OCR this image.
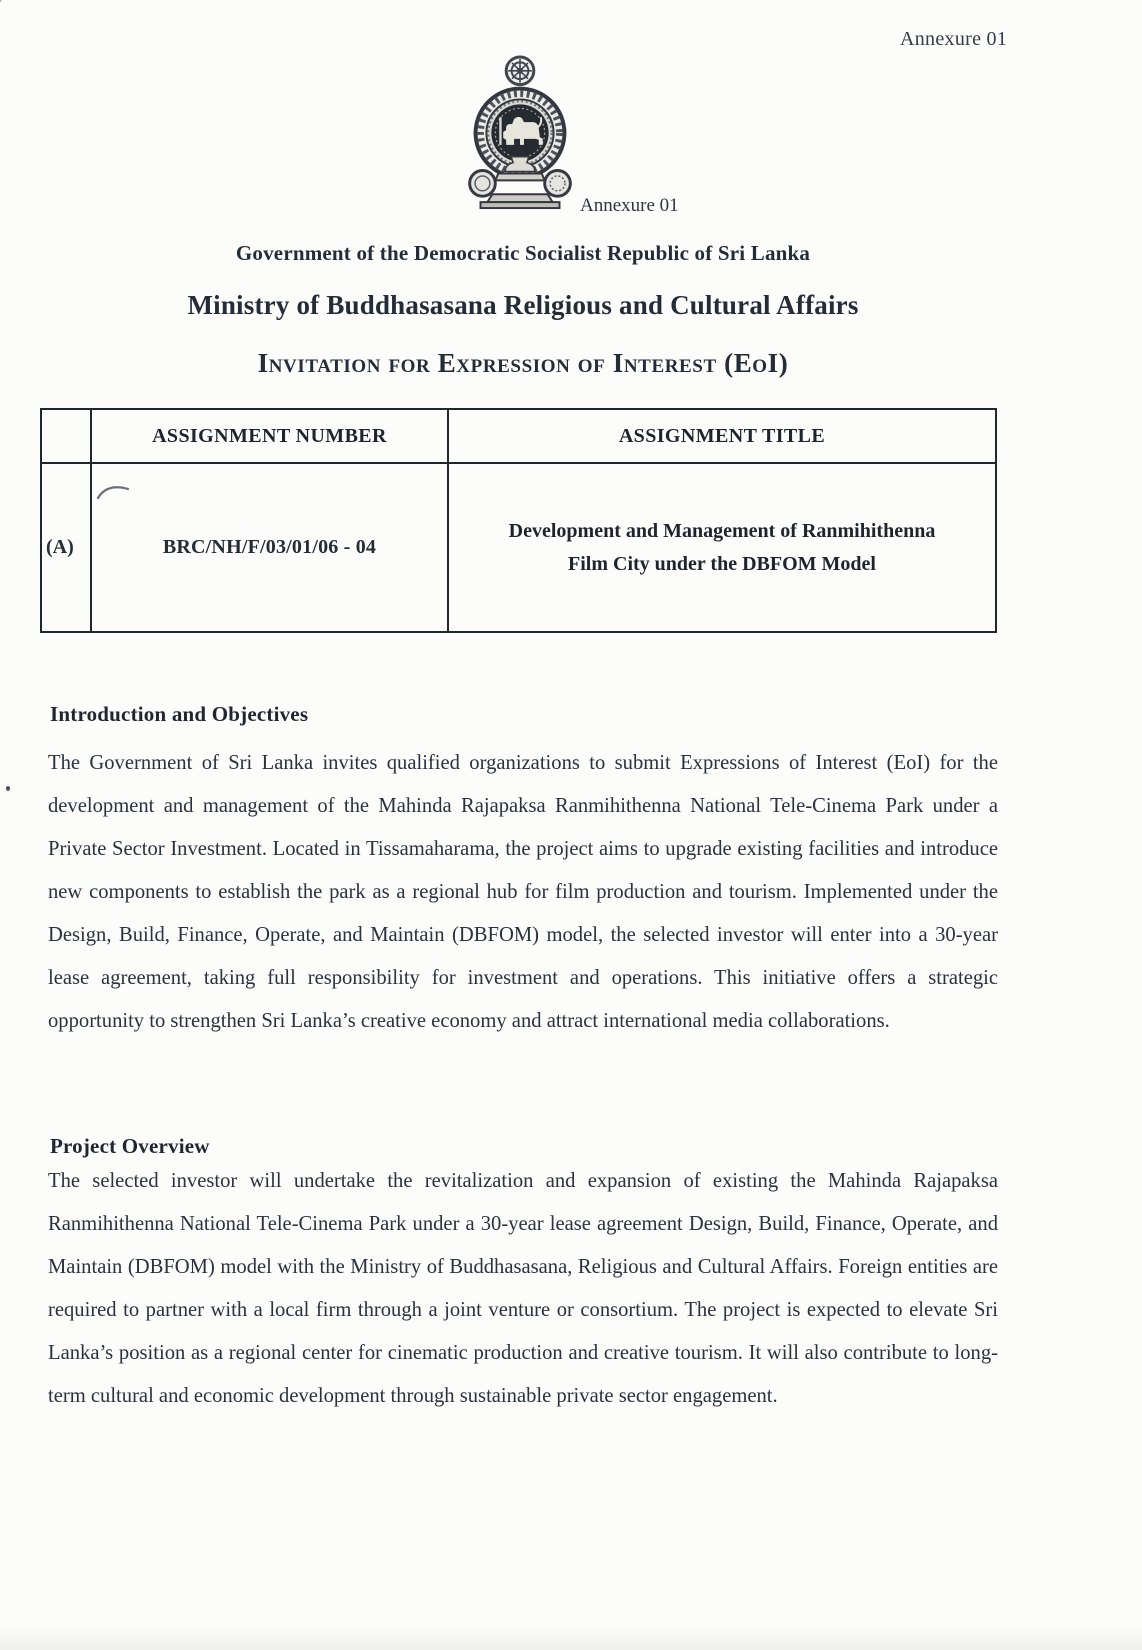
Annexure 01
Annexure 01
Government of the Democratic Socialist Republic of Sri Lanka
Ministry of Buddhasasana Religious and Cultural Affairs
Invitation for Expression of Interest (EoI)
	ASSIGNMENT NUMBER	ASSIGNMENT TITLE
(A)	BRC/NH/F/03/01/06 - 04	Development and Management of Ranmihithenna
Film City under the DBFOM Model
Introduction and Objectives
The Government of Sri Lanka invites qualified organizations to submit Expressions of Interest (EoI) for the development and management of the Mahinda Rajapaksa Ranmihithenna National Tele-Cinema Park under a Private Sector Investment. Located in Tissamaharama, the project aims to upgrade existing facilities and introduce new components to establish the park as a regional hub for film production and tourism. Implemented under the Design, Build, Finance, Operate, and Maintain (DBFOM) model, the selected investor will enter into a 30-year lease agreement, taking full responsibility for investment and operations. This initiative offers a strategic opportunity to strengthen Sri Lanka’s creative economy and attract international media collaborations.
Project Overview
The selected investor will undertake the revitalization and expansion of existing the Mahinda Rajapaksa Ranmihithenna National Tele-Cinema Park under a 30-year lease agreement Design, Build, Finance, Operate, and Maintain (DBFOM) model with the Ministry of Buddhasasana, Religious and Cultural Affairs. Foreign entities are required to partner with a local firm through a joint venture or consortium. The project is expected to elevate Sri Lanka’s position as a regional center for cinematic production and creative tourism. It will also contribute to long-term cultural and economic development through sustainable private sector engagement.
